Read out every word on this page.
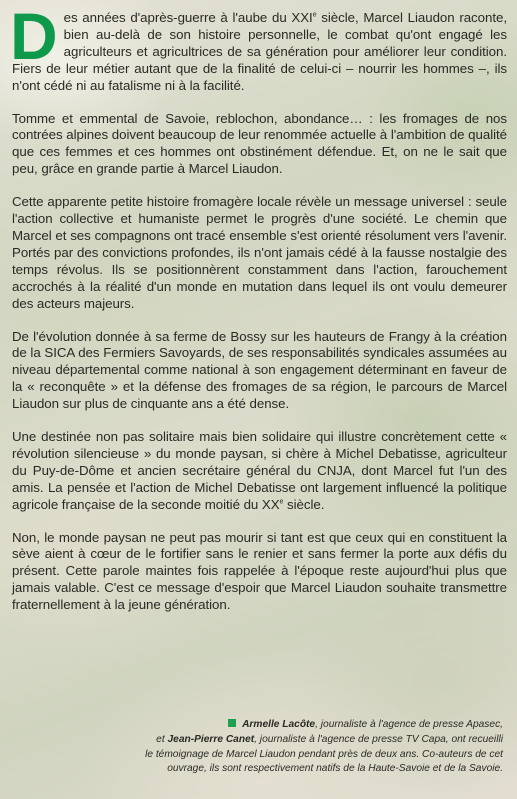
Des années d'après-guerre à l'aube du XXIe siècle, Marcel Liaudon raconte, bien au-delà de son histoire personnelle, le combat qu'ont engagé les agriculteurs et agricultrices de sa génération pour améliorer leur condition. Fiers de leur métier autant que de la finalité de celui-ci – nourrir les hommes –, ils n'ont cédé ni au fatalisme ni à la facilité.

Tomme et emmental de Savoie, reblochon, abondance… : les fromages de nos contrées alpines doivent beaucoup de leur renommée actuelle à l'ambition de qualité que ces femmes et ces hommes ont obstinément défendue. Et, on ne le sait que peu, grâce en grande partie à Marcel Liaudon.

Cette apparente petite histoire fromagère locale révèle un message universel : seule l'action collective et humaniste permet le progrès d'une société. Le chemin que Marcel et ses compagnons ont tracé ensemble s'est orienté résolument vers l'avenir. Portés par des convictions profondes, ils n'ont jamais cédé à la fausse nostalgie des temps révolus. Ils se positionnèrent constamment dans l'action, farouchement accrochés à la réalité d'un monde en mutation dans lequel ils ont voulu demeurer des acteurs majeurs.

De l'évolution donnée à sa ferme de Bossy sur les hauteurs de Frangy à la création de la SICA des Fermiers Savoyards, de ses responsabilités syndicales assumées au niveau départemental comme national à son engagement déterminant en faveur de la « reconquête » et la défense des fromages de sa région, le parcours de Marcel Liaudon sur plus de cinquante ans a été dense.

Une destinée non pas solitaire mais bien solidaire qui illustre concrètement cette « révolution silencieuse » du monde paysan, si chère à Michel Debatisse, agriculteur du Puy-de-Dôme et ancien secrétaire général du CNJA, dont Marcel fut l'un des amis. La pensée et l'action de Michel Debatisse ont largement influencé la politique agricole française de la seconde moitié du XXe siècle.

Non, le monde paysan ne peut pas mourir si tant est que ceux qui en constituent la sève aient à cœur de le fortifier sans le renier et sans fermer la porte aux défis du présent. Cette parole maintes fois rappelée à l'époque reste aujourd'hui plus que jamais valable. C'est ce message d'espoir que Marcel Liaudon souhaite transmettre fraternellement à la jeune génération.

Armelle Lacôte, journaliste à l'agence de presse Apasec,
et Jean-Pierre Canet, journaliste à l'agence de presse TV Capa, ont recueilli
le témoignage de Marcel Liaudon pendant près de deux ans. Co-auteurs de cet
ouvrage, ils sont respectivement natifs de la Haute-Savoie et de la Savoie.
